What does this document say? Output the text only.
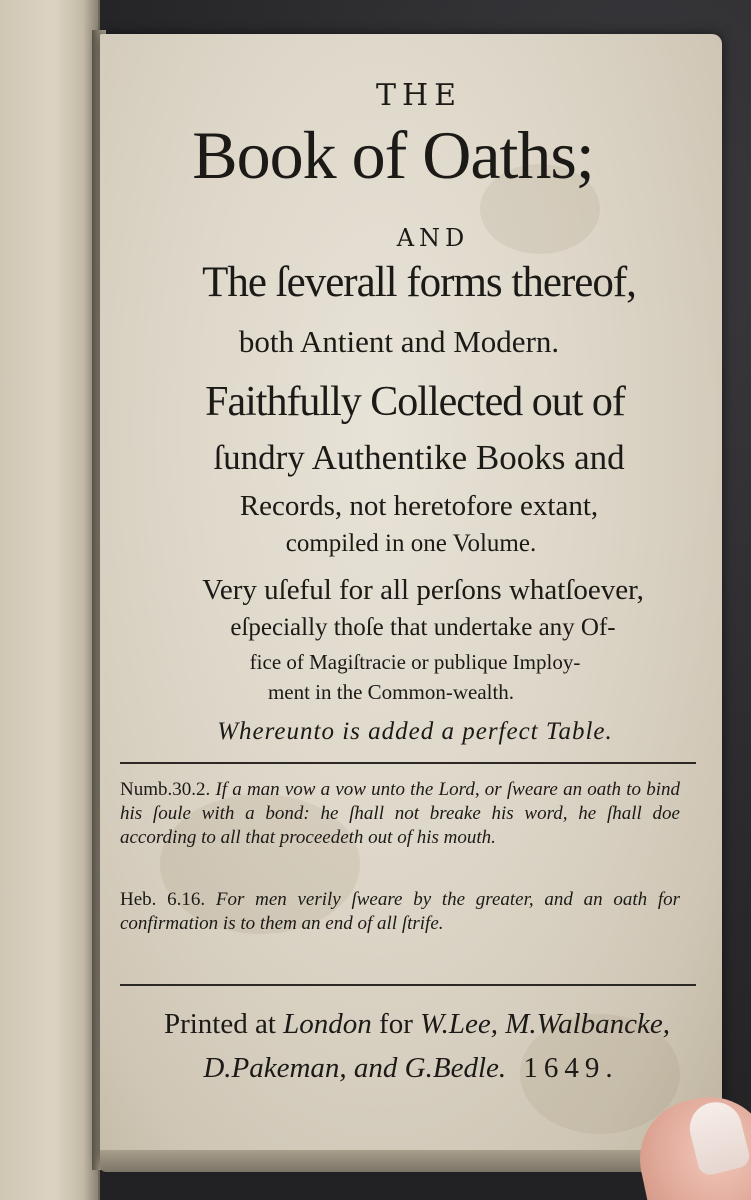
THE
Book of Oaths;
AND
The ſeverall forms thereof,
both Antient and Modern.
Faithfully Collected out of
ſundry Authentike Books and
Records, not heretofore extant,
compiled in one Volume.
Very uſeful for all perſons whatſoever,
eſpecially thoſe that undertake any Of-
fice of Magiſtracie or publique Imploy-
ment in the Common-wealth.
Whereunto is added a perfect Table.
Numb.30.2. If a man vow a vow unto the Lord, or ſweare an oath to bind his ſoule with a bond: he ſhall not breake his word, he ſhall doe according to all that proceedeth out of his mouth.
Heb. 6.16. For men verily ſweare by the greater, and an oath for confirmation is to them an end of all ſtrife.
Printed at London for W.Lee, M.Walbancke,
D.Pakeman, and G.Bedle. 1649.
